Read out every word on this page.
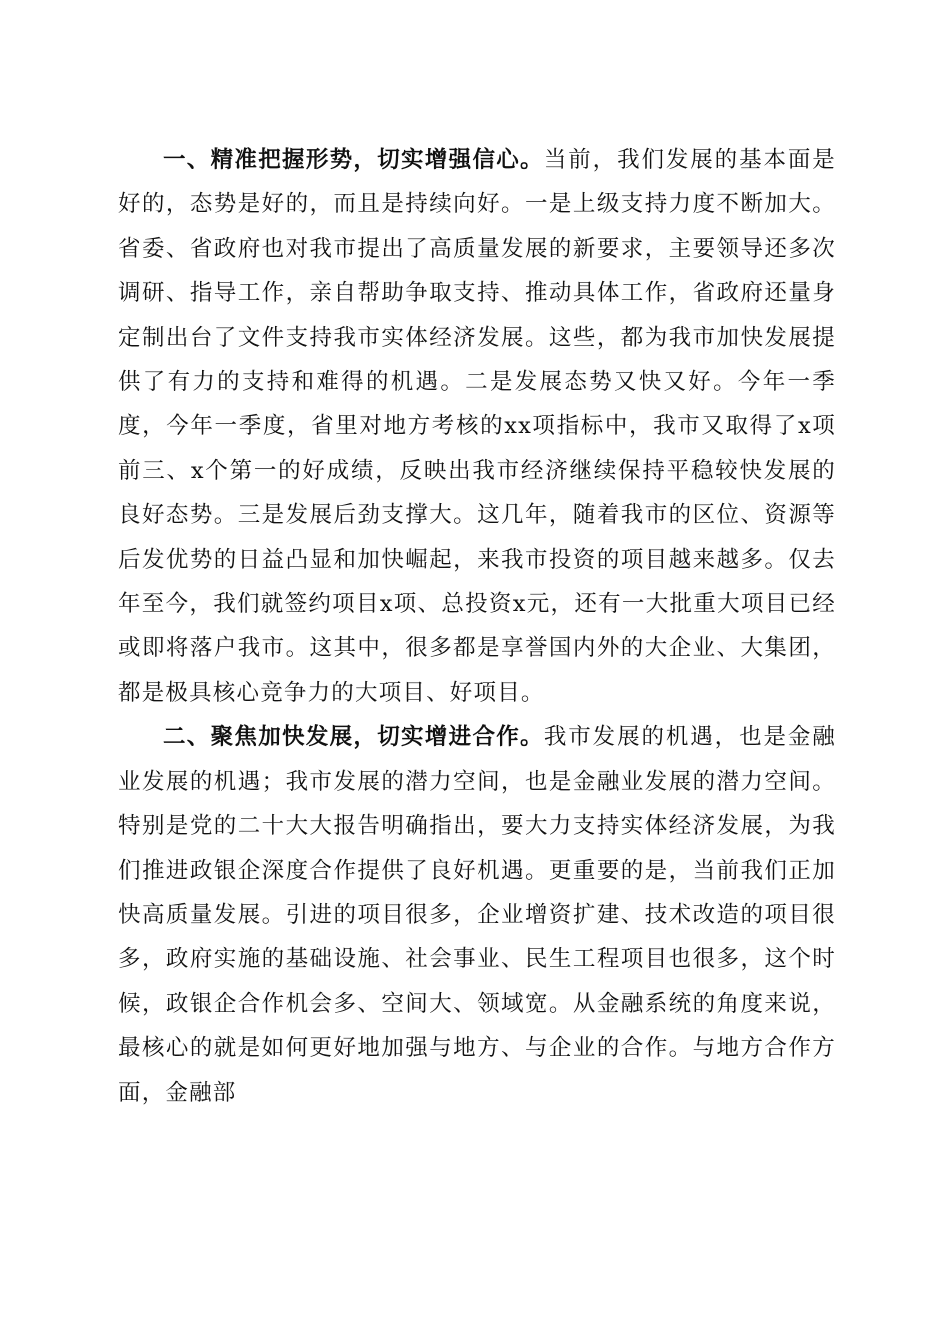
一、精准把握形势，切实增强信心。当前，我们发展的基本面是好的，态势是好的，而且是持续向好。一是上级支持力度不断加大。省委、省政府也对我市提出了高质量发展的新要求，主要领导还多次调研、指导工作，亲自帮助争取支持、推动具体工作，省政府还量身定制出台了文件支持我市实体经济发展。这些，都为我市加快发展提供了有力的支持和难得的机遇。二是发展态势又快又好。今年一季度，今年一季度，省里对地方考核的xx项指标中，我市又取得了x项前三、x个第一的好成绩，反映出我市经济继续保持平稳较快发展的良好态势。三是发展后劲支撑大。这几年，随着我市的区位、资源等后发优势的日益凸显和加快崛起，来我市投资的项目越来越多。仅去年至今，我们就签约项目x项、总投资x元，还有一大批重大项目已经或即将落户我市。这其中，很多都是享誉国内外的大企业、大集团，都是极具核心竞争力的大项目、好项目。

二、聚焦加快发展，切实增进合作。我市发展的机遇，也是金融业发展的机遇；我市发展的潜力空间，也是金融业发展的潜力空间。特别是党的二十大大报告明确指出，要大力支持实体经济发展，为我们推进政银企深度合作提供了良好机遇。更重要的是，当前我们正加快高质量发展。引进的项目很多，企业增资扩建、技术改造的项目很多，政府实施的基础设施、社会事业、民生工程项目也很多，这个时候，政银企合作机会多、空间大、领域宽。从金融系统的角度来说，最核心的就是如何更好地加强与地方、与企业的合作。与地方合作方面，金融部
